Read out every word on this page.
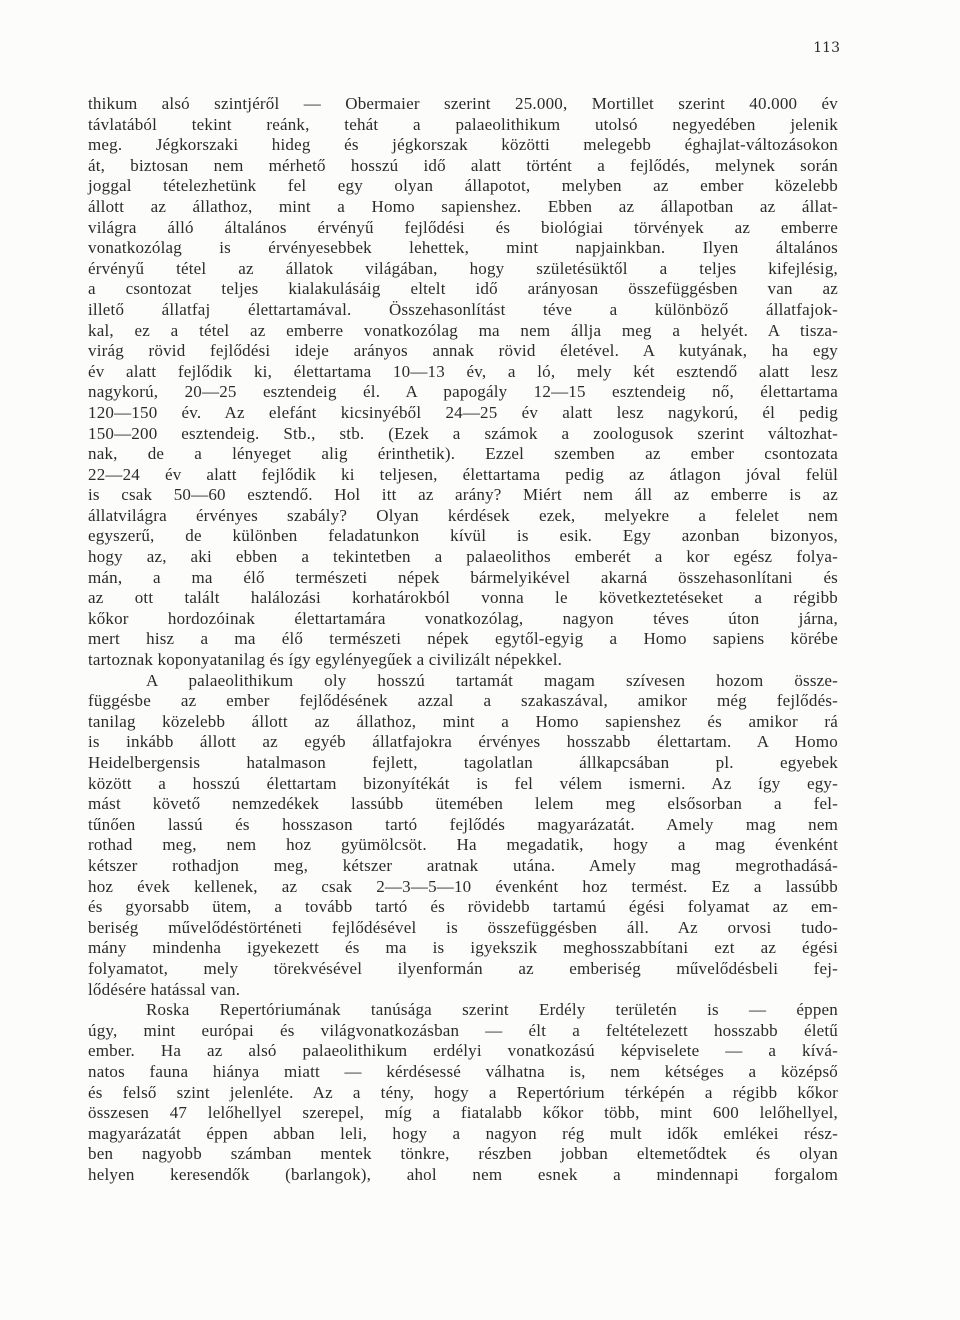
113
thikum alsó szintjéről — Obermaier szerint 25.000, Mortillet szerint 40.000 év
távlatából tekint reánk, tehát a palaeolithikum utolsó negyedében jelenik
meg. Jégkorszaki hideg és jégkorszak közötti melegebb éghajlat-változásokon
át, biztosan nem mérhető hosszú idő alatt történt a fejlődés, melynek során
joggal tételezhetünk fel egy olyan állapotot, melyben az ember közelebb
állott az állathoz, mint a Homo sapienshez. Ebben az állapotban az állat-
világra álló általános érvényű fejlődési és biológiai törvények az emberre
vonatkozólag is érvényesebbek lehettek, mint napjainkban. Ilyen általános
érvényű tétel az állatok világában, hogy születésüktől a teljes kifejlésig,
a csontozat teljes kialakulásáig eltelt idő arányosan összefüggésben van az
illető állatfaj élettartamával. Összehasonlítást téve a különböző állatfajok-
kal, ez a tétel az emberre vonatkozólag ma nem állja meg a helyét. A tisza-
virág rövid fejlődési ideje arányos annak rövid életével. A kutyának, ha egy
év alatt fejlődik ki, élettartama 10—13 év, a ló, mely két esztendő alatt lesz
nagykorú, 20—25 esztendeig él. A papogály 12—15 esztendeig nő, élettartama
120—150 év. Az elefánt kicsinyéből 24—25 év alatt lesz nagykorú, él pedig
150—200 esztendeig. Stb., stb. (Ezek a számok a zoologusok szerint változhat-
nak, de a lényeget alig érinthetik). Ezzel szemben az ember csontozata
22—24 év alatt fejlődik ki teljesen, élettartama pedig az átlagon jóval felül
is csak 50—60 esztendő. Hol itt az arány? Miért nem áll az emberre is az
állatvilágra érvényes szabály? Olyan kérdések ezek, melyekre a felelet nem
egyszerű, de különben feladatunkon kívül is esik. Egy azonban bizonyos,
hogy az, aki ebben a tekintetben a palaeolithos emberét a kor egész folya-
mán, a ma élő természeti népek bármelyikével akarná összehasonlítani és
az ott talált halálozási korhatárokból vonna le következtetéseket a régibb
kőkor hordozóinak élettartamára vonatkozólag, nagyon téves úton járna,
mert hisz a ma élő természeti népek egytől-egyig a Homo sapiens körébe
tartoznak koponyatanilag és így egylényegűek a civilizált népekkel.
A palaeolithikum oly hosszú tartamát magam szívesen hozom össze-
függésbe az ember fejlődésének azzal a szakaszával, amikor még fejlődés-
tanilag közelebb állott az állathoz, mint a Homo sapienshez és amikor rá
is inkább állott az egyéb állatfajokra érvényes hosszabb élettartam. A Homo
Heidelbergensis hatalmason fejlett, tagolatlan állkapcsában pl. egyebek
között a hosszú élettartam bizonyítékát is fel vélem ismerni. Az így egy-
mást követő nemzedékek lassúbb ütemében lelem meg elsősorban a fel-
tűnően lassú és hosszason tartó fejlődés magyarázatát. Amely mag nem
rothad meg, nem hoz gyümölcsöt. Ha megadatik, hogy a mag évenként
kétszer rothadjon meg, kétszer aratnak utána. Amely mag megrothadásá-
hoz évek kellenek, az csak 2—3—5—10 évenként hoz termést. Ez a lassúbb
és gyorsabb ütem, a tovább tartó és rövidebb tartamú égési folyamat az em-
beriség művelődéstörténeti fejlődésével is összefüggésben áll. Az orvosi tudo-
mány mindenha igyekezett és ma is igyekszik meghosszabbítani ezt az égési
folyamatot, mely törekvésével ilyenformán az emberiség művelődésbeli fej-
lődésére hatással van.
Roska Repertóriumának tanúsága szerint Erdély területén is — éppen
úgy, mint európai és világvonatkozásban — élt a feltételezett hosszabb életű
ember. Ha az alsó palaeolithikum erdélyi vonatkozású képviselete — a kívá-
natos fauna hiánya miatt — kérdésessé válhatna is, nem kétséges a középső
és felső szint jelenléte. Az a tény, hogy a Repertórium térképén a régibb kőkor
összesen 47 lelőhellyel szerepel, míg a fiatalabb kőkor több, mint 600 lelőhellyel,
magyarázatát éppen abban leli, hogy a nagyon rég mult idők emlékei rész-
ben nagyobb számban mentek tönkre, részben jobban eltemetődtek és olyan
helyen keresendők (barlangok), ahol nem esnek a mindennapi forgalom
